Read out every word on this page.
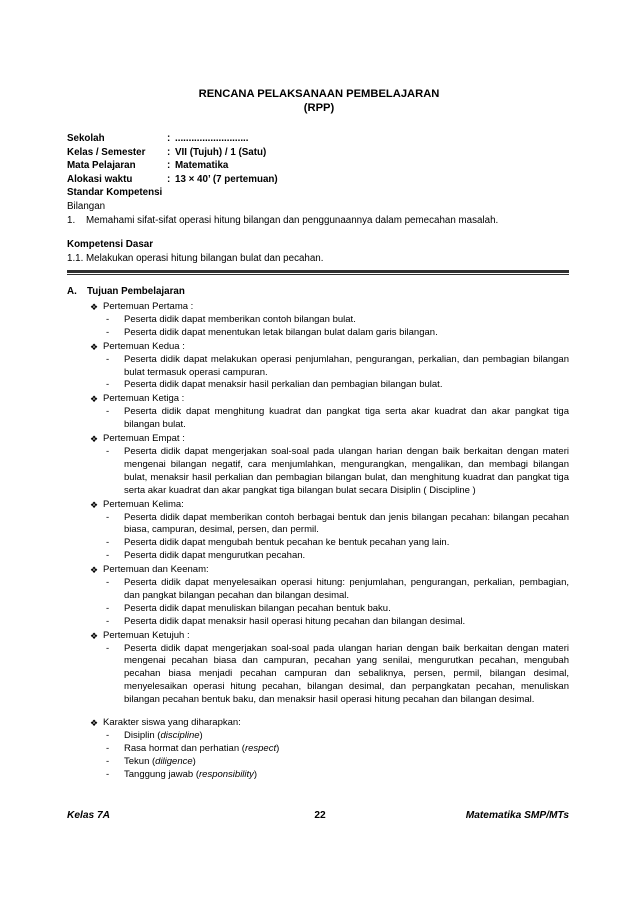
RENCANA PELAKSANAAN PEMBELAJARAN
(RPP)
Sekolah	: ...........................
Kelas / Semester : VII (Tujuh) / 1 (Satu)
Mata Pelajaran	: Matematika
Alokasi waktu	: 13 × 40’ (7 pertemuan)
Standar Kompetensi
Bilangan
1. Memahami sifat-sifat operasi hitung bilangan dan penggunaannya dalam pemecahan masalah.
Kompetensi Dasar
1.1. Melakukan operasi hitung bilangan bulat dan pecahan.
A. Tujuan Pembelajaran
❖ Pertemuan Pertama :
- Peserta didik dapat memberikan contoh bilangan bulat.
- Peserta didik dapat menentukan letak bilangan bulat dalam garis bilangan.
❖ Pertemuan Kedua :
- Peserta didik dapat melakukan operasi penjumlahan, pengurangan, perkalian, dan pembagian bilangan bulat termasuk operasi campuran.
- Peserta didik dapat menaksir hasil perkalian dan pembagian bilangan bulat.
❖ Pertemuan Ketiga :
- Peserta didik dapat menghitung kuadrat dan pangkat tiga serta akar kuadrat dan akar pangkat tiga bilangan bulat.
❖ Pertemuan Empat :
- Peserta didik dapat mengerjakan soal-soal pada ulangan harian dengan baik berkaitan dengan materi mengenai bilangan negatif, cara menjumlahkan, mengurangkan, mengalikan, dan membagi bilangan bulat, menaksir hasil perkalian dan pembagian bilangan bulat, dan menghitung kuadrat dan pangkat tiga serta akar kuadrat dan akar pangkat tiga bilangan bulat secara Disiplin ( Discipline )
❖ Pertemuan Kelima:
- Peserta didik dapat memberikan contoh berbagai bentuk dan jenis bilangan pecahan: bilangan pecahan biasa, campuran, desimal, persen, dan permil.
- Peserta didik dapat mengubah bentuk pecahan ke bentuk pecahan yang lain.
- Peserta didik dapat mengurutkan pecahan.
❖ Pertemuan dan Keenam:
- Peserta didik dapat menyelesaikan operasi hitung: penjumlahan, pengurangan, perkalian, pembagian, dan pangkat bilangan pecahan dan bilangan desimal.
- Peserta didik dapat menuliskan bilangan pecahan bentuk baku.
- Peserta didik dapat menaksir hasil operasi hitung pecahan dan bilangan desimal.
❖ Pertemuan Ketujuh :
- Peserta didik dapat mengerjakan soal-soal pada ulangan harian dengan baik berkaitan dengan materi mengenai pecahan biasa dan campuran, pecahan yang senilai, mengurutkan pecahan, mengubah pecahan biasa menjadi pecahan campuran dan sebaliknya, persen, permil, bilangan desimal, menyelesaikan operasi hitung pecahan, bilangan desimal, dan perpangkatan pecahan, menuliskan bilangan pecahan bentuk baku, dan menaksir hasil operasi hitung pecahan dan bilangan desimal.
❖ Karakter siswa yang diharapkan:
- Disiplin (discipline)
- Rasa hormat dan perhatian (respect)
- Tekun (diligence)
- Tanggung jawab (responsibility)
Kelas 7A	22	Matematika SMP/MTs
